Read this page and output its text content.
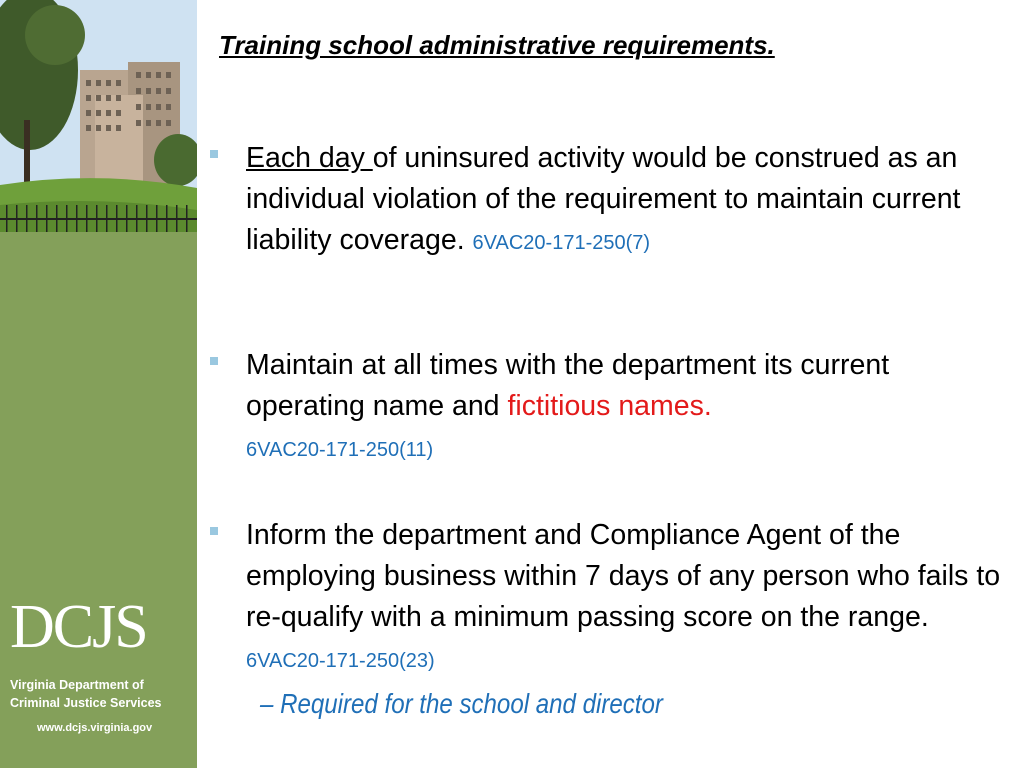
D C J S
Virginia Department of
Criminal Justice Services
www.dcjs.virginia.gov
Training school administrative requirements.
Each day of uninsured activity would be construed as an individual violation of the requirement to maintain current liability coverage. 6VAC20-171-250(7)
Maintain at all times with the department its current operating name and fictitious names.
6VAC20-171-250(11)
Inform the department and Compliance Agent of the employing business within 7 days of any person who fails to re-qualify with a minimum passing score on the range. 6VAC20-171-250(23)
– Required for the school and director
